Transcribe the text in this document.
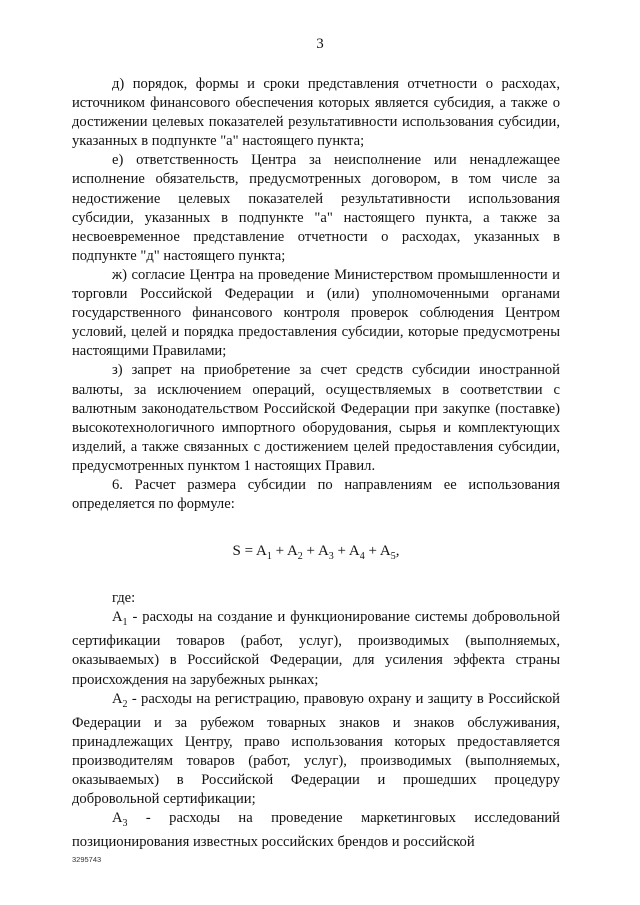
3

д) порядок, формы и сроки представления отчетности о расходах, источником финансового обеспечения которых является субсидия, а также о достижении целевых показателей результативности использования субсидии, указанных в подпункте "а" настоящего пункта;

е) ответственность Центра за неисполнение или ненадлежащее исполнение обязательств, предусмотренных договором, в том числе за недостижение целевых показателей результативности использования субсидии, указанных в подпункте "а" настоящего пункта, а также за несвоевременное представление отчетности о расходах, указанных в подпункте "д" настоящего пункта;

ж) согласие Центра на проведение Министерством промышленности и торговли Российской Федерации и (или) уполномоченными органами государственного финансового контроля проверок соблюдения Центром условий, целей и порядка предоставления субсидии, которые предусмотрены настоящими Правилами;

з) запрет на приобретение за счет средств субсидии иностранной валюты, за исключением операций, осуществляемых в соответствии с валютным законодательством Российской Федерации при закупке (поставке) высокотехнологичного импортного оборудования, сырья и комплектующих изделий, а также связанных с достижением целей предоставления субсидии, предусмотренных пунктом 1 настоящих Правил.

6. Расчет размера субсидии по направлениям ее использования определяется по формуле:

$S = A_1 + A_2 + A_3 + A_4 + A_5$,

где:

$А_1$ - расходы на создание и функционирование системы добровольной сертификации товаров (работ, услуг), производимых (выполняемых, оказываемых) в Российской Федерации, для усиления эффекта страны происхождения на зарубежных рынках;

$А_2$ - расходы на регистрацию, правовую охрану и защиту в Российской Федерации и за рубежом товарных знаков и знаков обслуживания, принадлежащих Центру, право использования которых предоставляется производителям товаров (работ, услуг), производимых (выполняемых, оказываемых) в Российской Федерации и прошедших процедуру добровольной сертификации;

$А_3$ - расходы на проведение маркетинговых исследований позиционирования известных российских брендов и российской

3295743
